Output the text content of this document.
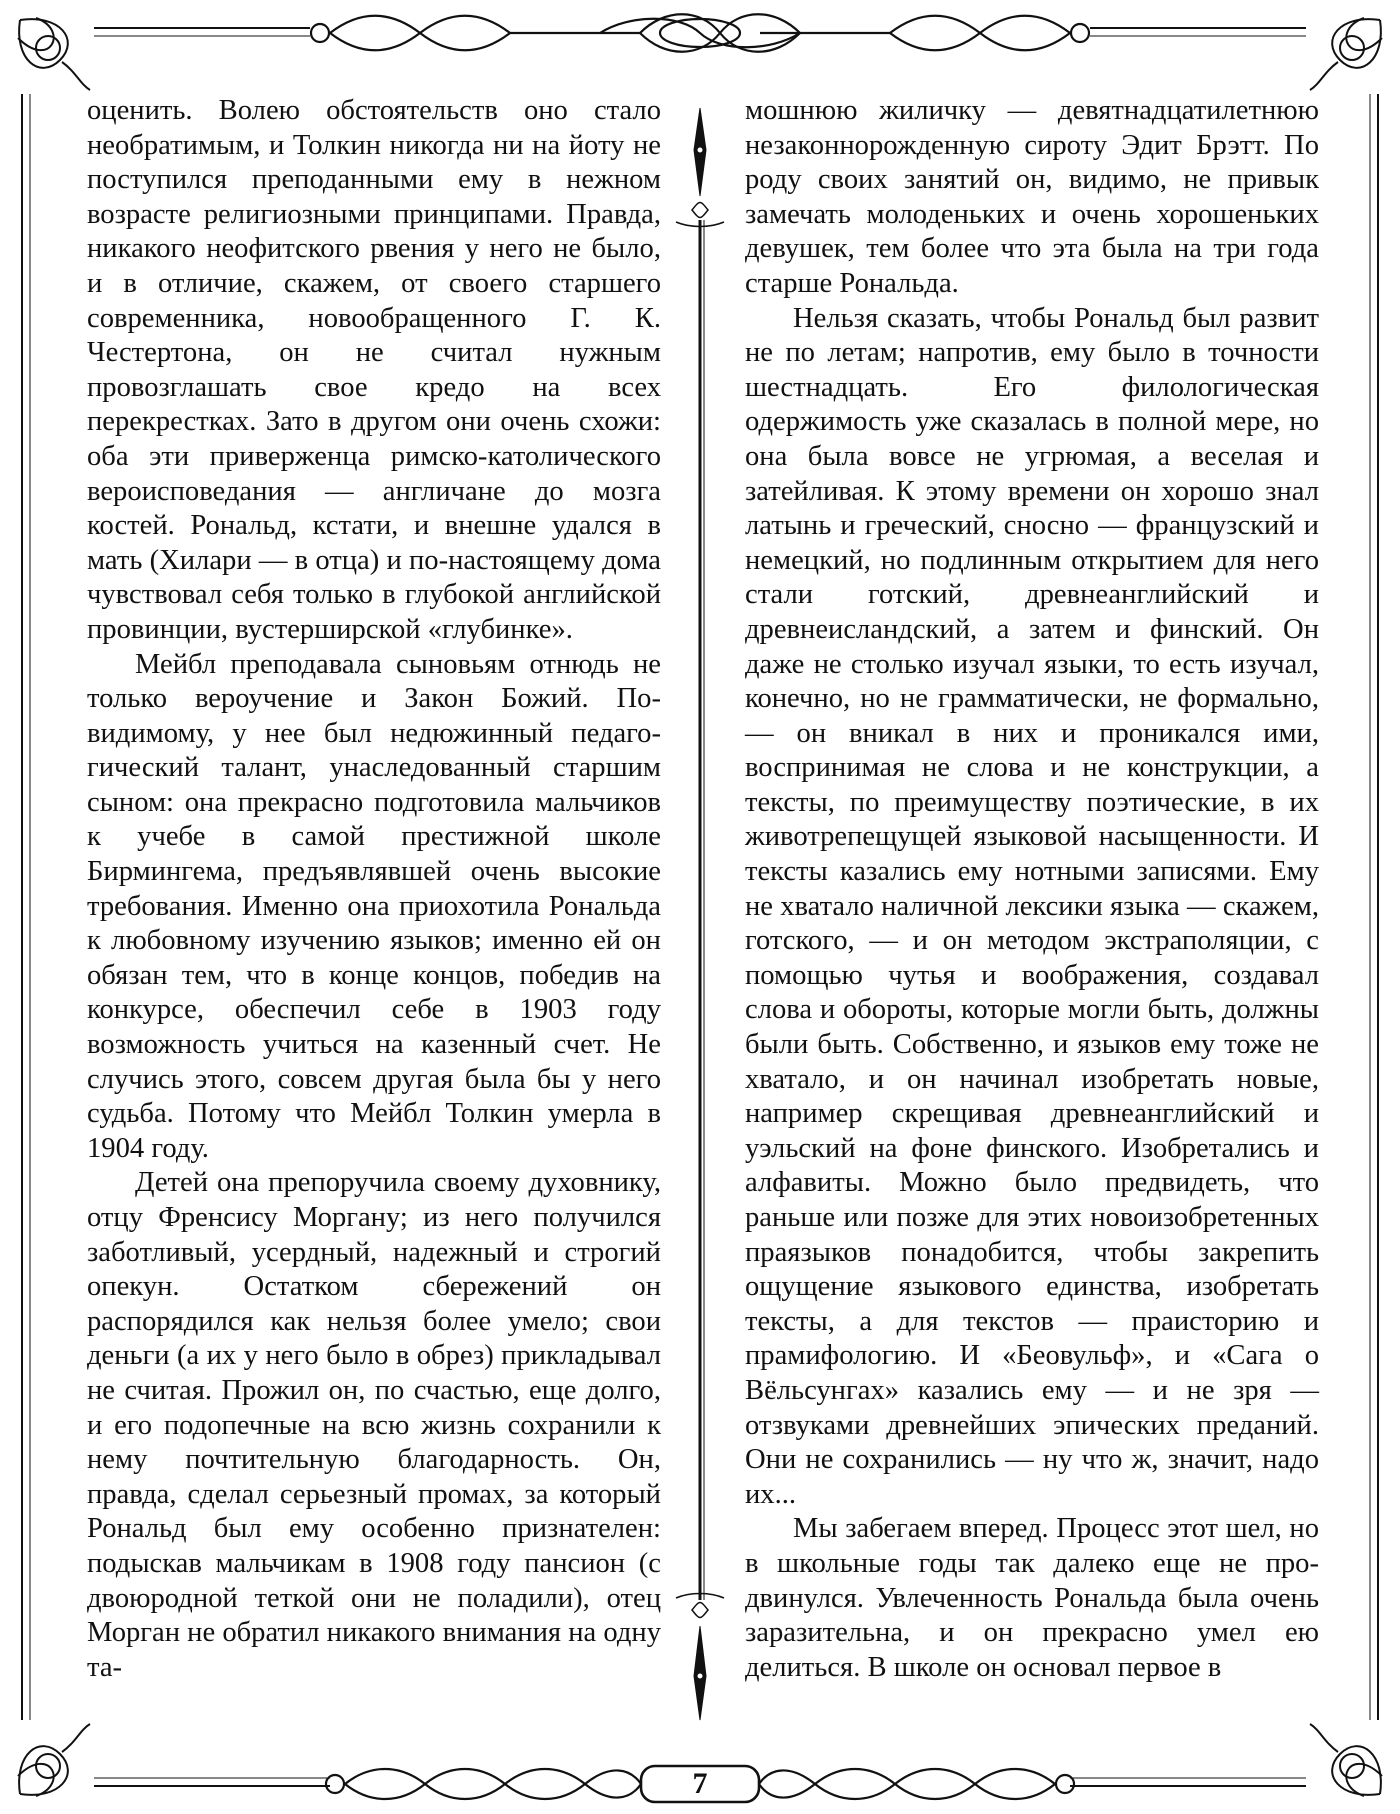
оценить. Волею обстоятельств оно стало необратимым, и Толкин никогда ни на йоту не поступился преподанными ему в нежном возрасте религиозными принципами. Правда, никакого неофитского рвения у него не было, и в отличие, скажем, от своего старшего современника, новообращенного Г. К. Честертона, он не считал нужным провозглашать свое кредо на всех перекрестках. Зато в другом они очень схожи: оба эти приверженца римско-католического вероисповедания — англичане до мозга костей. Рональд, кстати, и внешне удался в мать (Хилари — в отца) и по-настоящему дома чувствовал себя только в глубокой английской провинции, вустерширской «глубинке».

Мейбл преподавала сыновьям отнюдь не только вероучение и Закон Божий. Повидимому, у нее был недюжинный педагогический талант, унаследованный старшим сыном: она прекрасно подготовила мальчиков к учебе в самой престижной школе Бирмингема, предъявлявшей очень высокие требования. Именно она приохотила Рональда к любовному изучению языков; именно ей он обязан тем, что в конце концов, победив на конкурсе, обеспечил себе в 1903 году возможность учиться на казенный счет. Не случись этого, совсем другая была бы у него судьба. Потому что Мейбл Толкин умерла в 1904 году.

Детей она препоручила своему духовнику, отцу Френсису Моргану; из него получился заботливый, усердный, надежный и строгий опекун. Остатком сбережений он распорядился как нельзя более умело; свои деньги (а их у него было в обрез) прикладывал не считая. Прожил он, по счастью, еще долго, и его подопечные на всю жизнь сохранили к нему почтительную благодарность. Он, правда, сделал серьезный промах, за который Рональд был ему особенно признателен: подыскав мальчикам в 1908 году пансион (с двоюродной теткой они не поладили), отец Морган не обратил никакого внимания на одну та-

мошнюю жиличку — девятнадцатилетнюю незаконнорожденную сироту Эдит Брэтт. По роду своих занятий он, видимо, не привык замечать молоденьких и очень хорошеньких девушек, тем более что эта была на три года старше Рональда.

Нельзя сказать, чтобы Рональд был развит не по летам; напротив, ему было в точности шестнадцать. Его филологическая одержимость уже сказалась в полной мере, но она была вовсе не угрюмая, а веселая и затейливая. К этому времени он хорошо знал латынь и греческий, сносно — французский и немецкий, но подлинным открытием для него стали готский, древнеанглийский и древнеисландский, а затем и финский. Он даже не столько изучал языки, то есть изучал, конечно, но не грамматически, не формально, — он вникал в них и проникался ими, воспринимая не слова и не конструкции, а тексты, по преимуществу поэтические, в их животрепещущей языковой насыщенности. И тексты казались ему нотными записями. Ему не хватало наличной лексики языка — скажем, готского, — и он методом экстраполяции, с помощью чутья и воображения, создавал слова и обороты, которые могли быть, должны были быть. Собственно, и языков ему тоже не хватало, и он начинал изобретать новые, например скрещивая древнеанглийский и уэльский на фоне финского. Изобретались и алфавиты. Можно было предвидеть, что раньше или позже для этих новоизобретенных праязыков понадобится, чтобы закрепить ощущение языкового единства, изобретать тексты, а для текстов — праисторию и прамифологию. И «Беовульф», и «Сага о Вёльсунгах» казались ему — и не зря — отзвуками древнейших эпических преданий. Они не сохранились — ну что ж, значит, надо их...

Мы забегаем вперед. Процесс этот шел, но в школьные годы так далеко еще не продвинулся. Увлеченность Рональда была очень заразительна, и он прекрасно умел ею делиться. В школе он основал первое в

7
